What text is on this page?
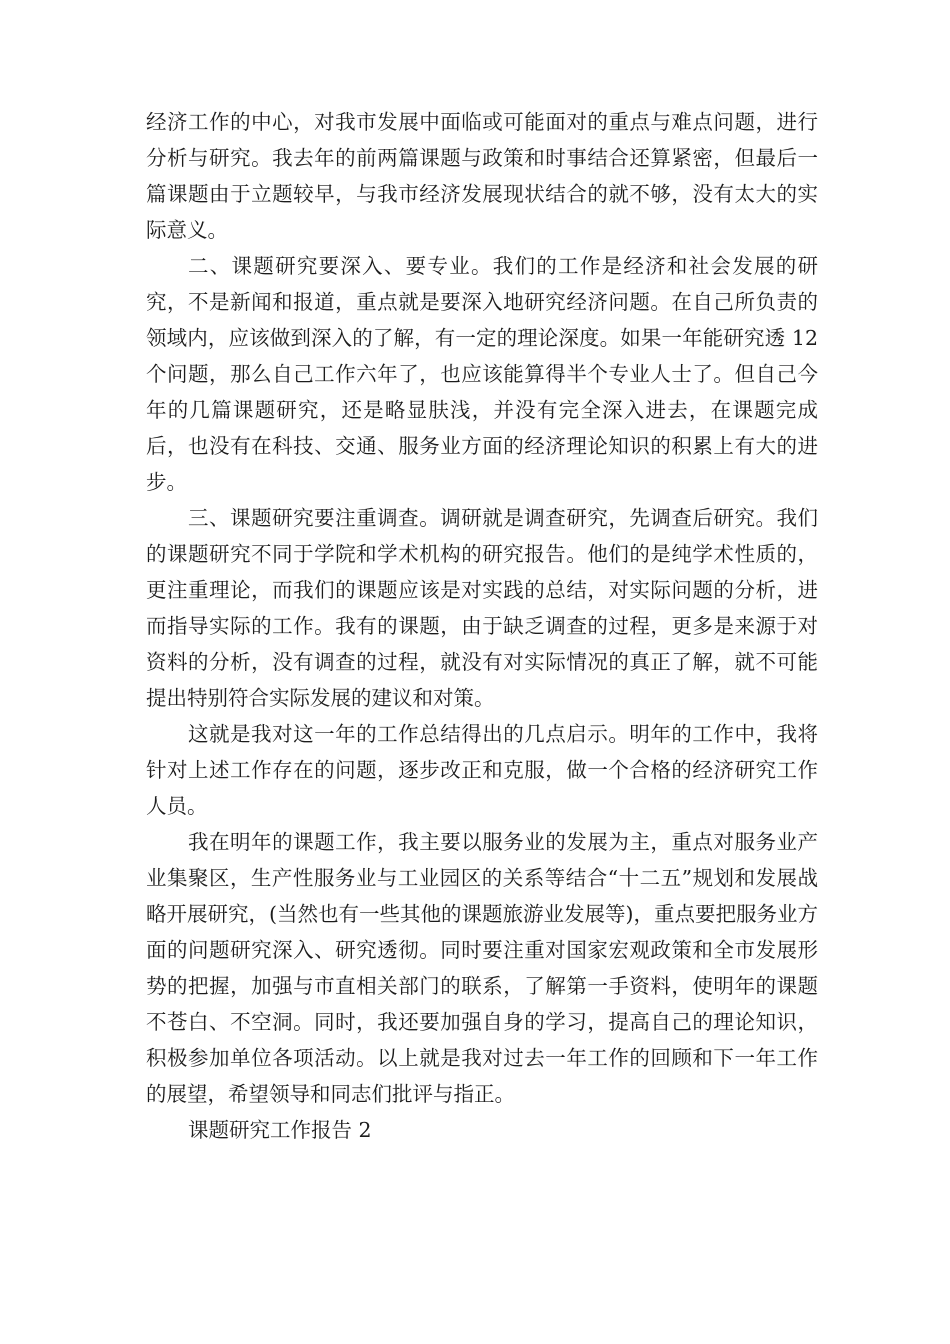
经济工作的中心，对我市发展中面临或可能面对的重点与难点问题，进行分析与研究。我去年的前两篇课题与政策和时事结合还算紧密，但最后一篇课题由于立题较早，与我市经济发展现状结合的就不够，没有太大的实际意义。

二、课题研究要深入、要专业。我们的工作是经济和社会发展的研究，不是新闻和报道，重点就是要深入地研究经济问题。在自己所负责的领域内，应该做到深入的了解，有一定的理论深度。如果一年能研究透 12 个问题，那么自己工作六年了，也应该能算得半个专业人士了。但自己今年的几篇课题研究，还是略显肤浅，并没有完全深入进去，在课题完成后，也没有在科技、交通、服务业方面的经济理论知识的积累上有大的进步。

三、课题研究要注重调查。调研就是调查研究，先调查后研究。我们的课题研究不同于学院和学术机构的研究报告。他们的是纯学术性质的，更注重理论，而我们的课题应该是对实践的总结，对实际问题的分析，进而指导实际的工作。我有的课题，由于缺乏调查的过程，更多是来源于对资料的分析，没有调查的过程，就没有对实际情况的真正了解，就不可能提出特别符合实际发展的建议和对策。

这就是我对这一年的工作总结得出的几点启示。明年的工作中，我将针对上述工作存在的问题，逐步改正和克服，做一个合格的经济研究工作人员。

我在明年的课题工作，我主要以服务业的发展为主，重点对服务业产业集聚区，生产性服务业与工业园区的关系等结合“十二五”规划和发展战略开展研究，(当然也有一些其他的课题旅游业发展等)，重点要把服务业方面的问题研究深入、研究透彻。同时要注重对国家宏观政策和全市发展形势的把握，加强与市直相关部门的联系，了解第一手资料，使明年的课题不苍白、不空洞。同时，我还要加强自身的学习，提高自己的理论知识，积极参加单位各项活动。以上就是我对过去一年工作的回顾和下一年工作的展望，希望领导和同志们批评与指正。

课题研究工作报告 2
